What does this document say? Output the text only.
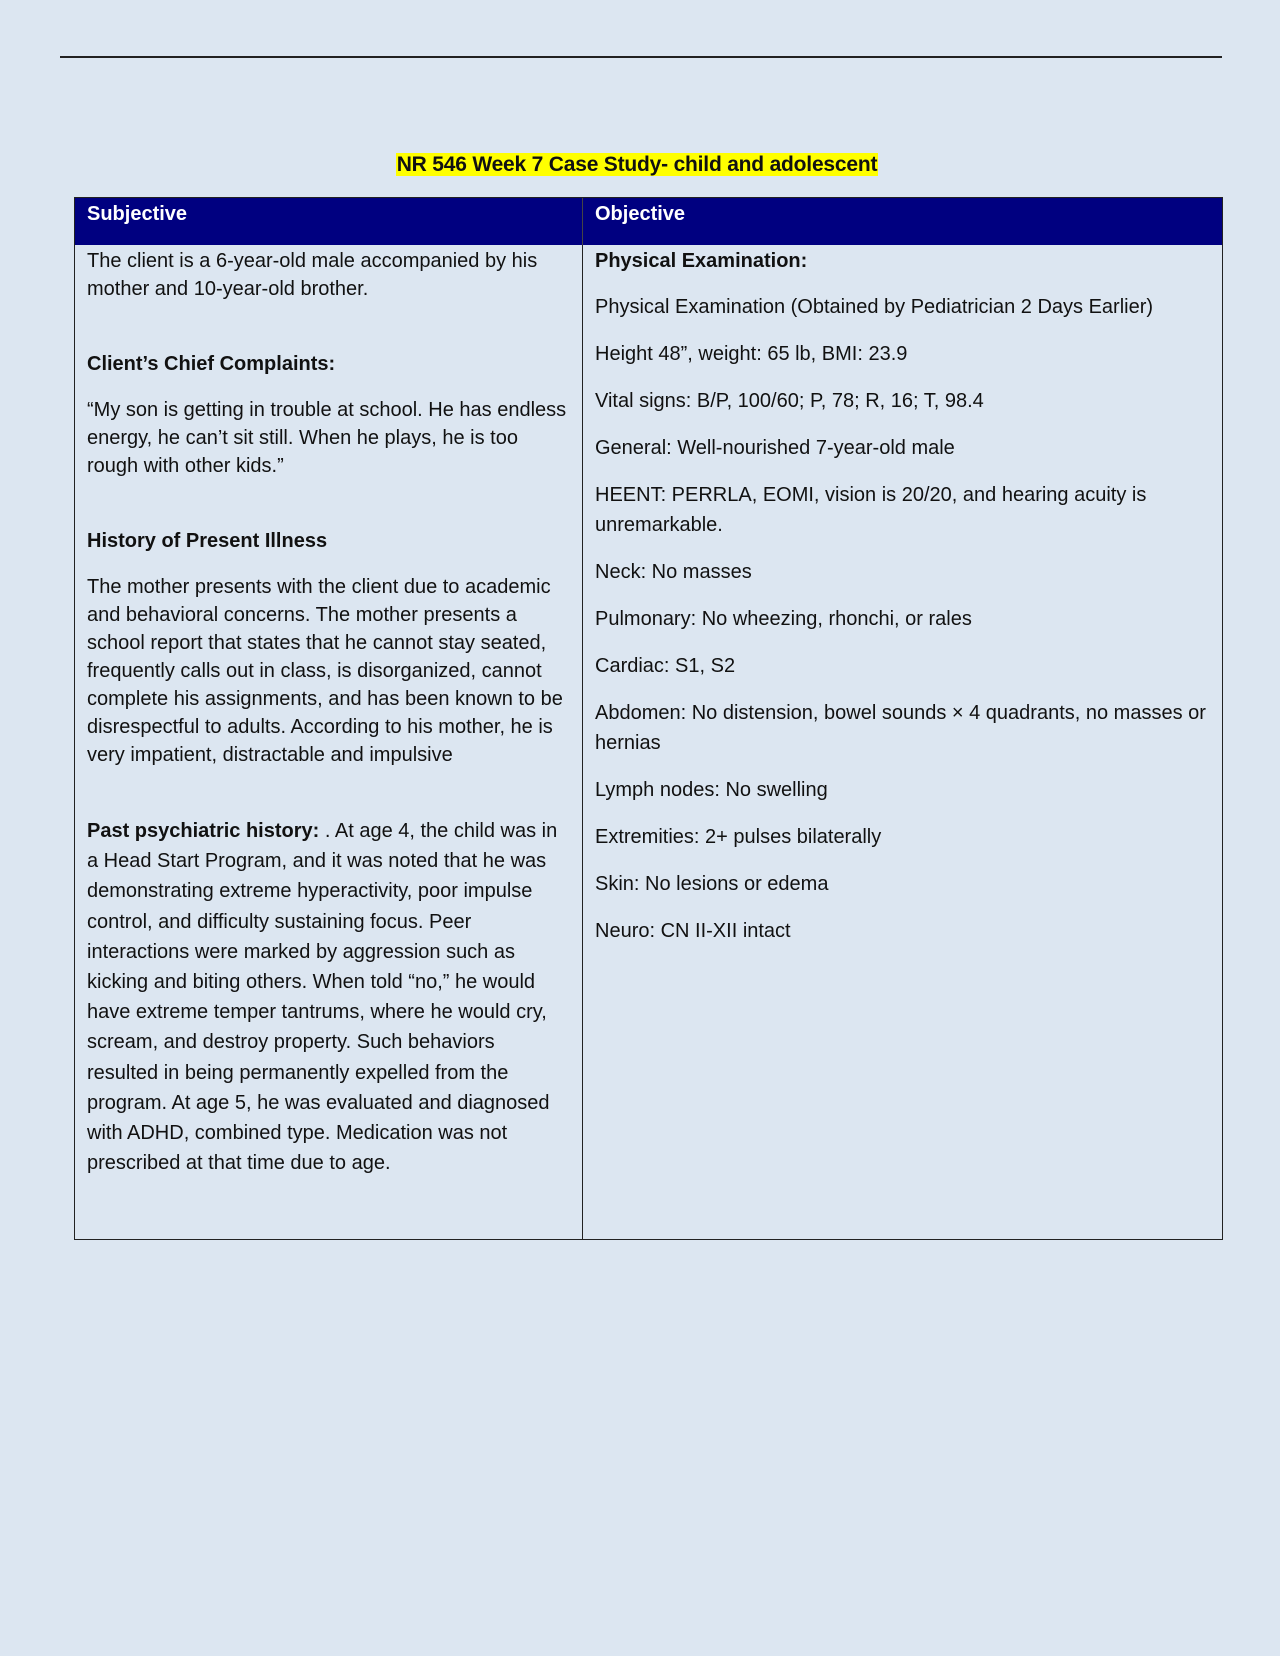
NR 546 Week 7 Case Study- child and adolescent
Subjective	Objective

The client is a 6-year-old male accompanied by his mother and 10-year-old brother.

Client’s Chief Complaints:

“My son is getting in trouble at school. He has endless energy, he can’t sit still. When he plays, he is too rough with other kids.”

History of Present Illness

The mother presents with the client due to academic and behavioral concerns. The mother presents a school report that states that he cannot stay seated, frequently calls out in class, is disorganized, cannot complete his assignments, and has been known to be disrespectful to adults. According to his mother, he is very impatient, distractable and impulsive

Past psychiatric history: . At age 4, the child was in a Head Start Program, and it was noted that he was demonstrating extreme hyperactivity, poor impulse control, and difficulty sustaining focus. Peer interactions were marked by aggression such as kicking and biting others. When told “no,” he would have extreme temper tantrums, where he would cry, scream, and destroy property. Such behaviors resulted in being permanently expelled from the program. At age 5, he was evaluated and diagnosed with ADHD, combined type. Medication was not prescribed at that time due to age.

Physical Examination:

Physical Examination (Obtained by Pediatrician 2 Days Earlier)

Height 48”, weight: 65 lb, BMI: 23.9

Vital signs: B/P, 100/60; P, 78; R, 16; T, 98.4

General: Well-nourished 7-year-old male

HEENT: PERRLA, EOMI, vision is 20/20, and hearing acuity is unremarkable.

Neck: No masses

Pulmonary: No wheezing, rhonchi, or rales

Cardiac: S1, S2

Abdomen: No distension, bowel sounds × 4 quadrants, no masses or hernias

Lymph nodes: No swelling

Extremities: 2+ pulses bilaterally

Skin: No lesions or edema

Neuro: CN II-XII intact
